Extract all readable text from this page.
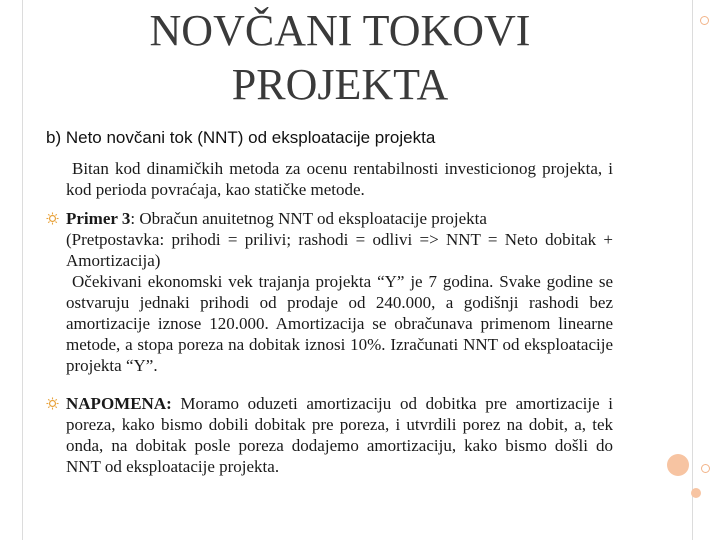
NOVČANI TOKOVI
PROJEKTA
b) Neto novčani tok (NNT) od eksploatacije projekta
Bitan kod dinamičkih metoda za ocenu rentabilnosti investicionog projekta, i kod perioda povraćaja, kao statičke metode.
Primer 3: Obračun anuitetnog NNT od eksploatacije projekta
(Pretpostavka: prihodi = prilivi; rashodi = odlivi => NNT = Neto dobitak + Amortizacija)
Očekivani ekonomski vek trajanja projekta “Y” je 7 godina. Svake godine se ostvaruju jednaki prihodi od prodaje od 240.000, a godišnji rashodi bez amortizacije iznose 120.000. Amortizacija se obračunava primenom linearne metode, a stopa poreza na dobitak iznosi 10%. Izračunati NNT od eksploatacije projekta “Y”.
NAPOMENA: Moramo oduzeti amortizaciju od dobitka pre amortizacije i poreza, kako bismo dobili dobitak pre poreza, i utvrdili porez na dobit, a, tek onda, na dobitak posle poreza dodajemo amortizaciju, kako bismo došli do NNT od eksploatacije projekta.
